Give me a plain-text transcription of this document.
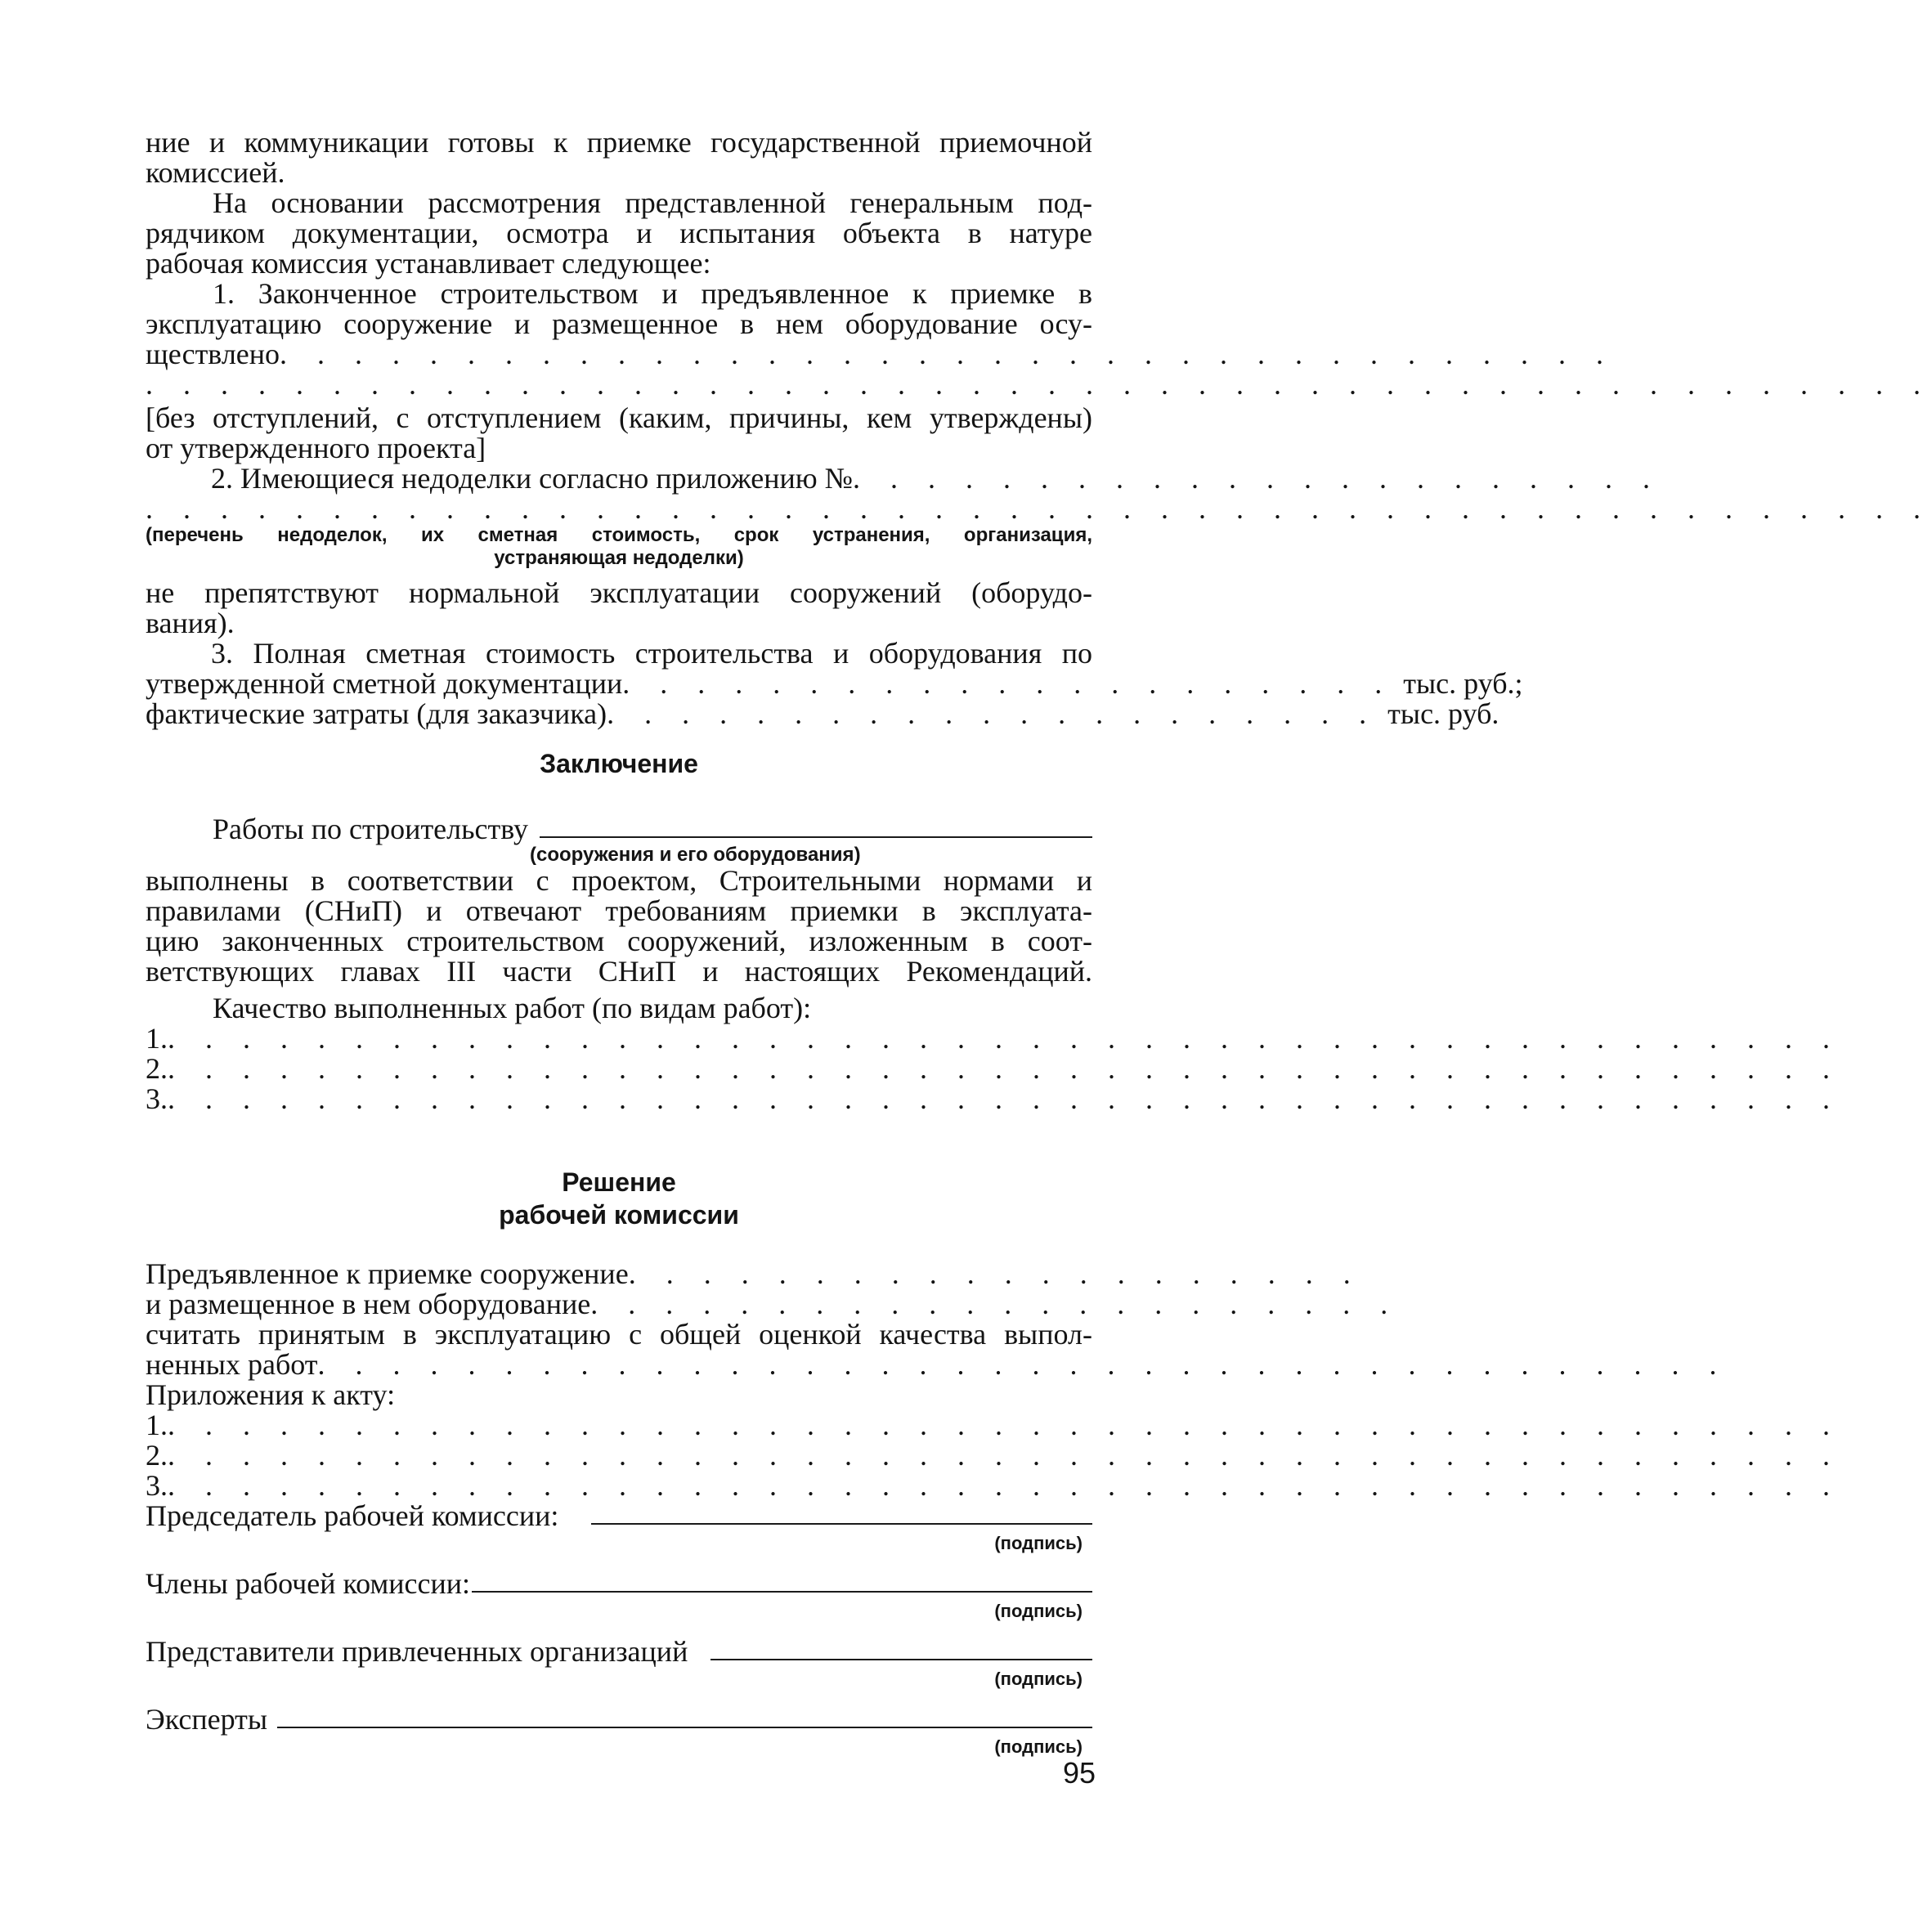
ние и коммуникации готовы к приемке государственной приемочной
комиссией.
На основании рассмотрения представленной генеральным под-
рядчиком документации, осмотра и испытания объекта в натуре
рабочая комиссия устанавливает следующее:
1. Законченное строительством и предъявленное к приемке в
эксплуатацию сооружение и размещенное в нем оборудование осу-
ществлено . . . . . . . . . . . . . . . . . . . . . . . . . . . . . . . . . . . .
. . . . . . . . . . . . . . . . . . . . . . . . . . . . . . . . . . . . . . . . . . . . . . . .
[без отступлений, с отступлением (каким, причины, кем утверждены)
от утвержденного проекта]
2. Имеющиеся недоделки согласно приложению № . . . . . . . . . . . . . . . . . . . . . .
. . . . . . . . . . . . . . . . . . . . . . . . . . . . . . . . . . . . . . . . . . . . . . . .
(перечень недоделок, их сметная стоимость, срок устранения, организация,
устраняющая недоделки)
не препятствуют нормальной эксплуатации сооружений (оборудо-
вания).
3. Полная сметная стоимость строительства и оборудования по
утвержденной сметной документации . . . . . . . . . . . . . . . . . . . . . тыс. руб.;
фактические затраты (для заказчика) . . . . . . . . . . . . . . . . . . . . . тыс. руб.
Заключение
Работы по строительству
(сооружения и его оборудования)
выполнены в соответствии с проектом, Строительными нормами и
правилами (СНиП) и отвечают требованиям приемки в эксплуата-
цию законченных строительством сооружений, изложенным в соот-
ветствующих главах III части СНиП и настоящих Рекомендаций.
Качество выполненных работ (по видам работ):
1. . . . . . . . . . . . . . . . . . . . . . . . . . . . . . . . . . . . . . . . . . . . . .
2. . . . . . . . . . . . . . . . . . . . . . . . . . . . . . . . . . . . . . . . . . . . . .
3. . . . . . . . . . . . . . . . . . . . . . . . . . . . . . . . . . . . . . . . . . . . . .
Решение
рабочей комиссии
Предъявленное к приемке сооружение . . . . . . . . . . . . . . . . . . . .
и размещенное в нем оборудование . . . . . . . . . . . . . . . . . . . . . .
считать принятым в эксплуатацию с общей оценкой качества выпол-
ненных работ . . . . . . . . . . . . . . . . . . . . . . . . . . . . . . . . . . . . . .
Приложения к акту:
1. . . . . . . . . . . . . . . . . . . . . . . . . . . . . . . . . . . . . . . . . . . . . .
2. . . . . . . . . . . . . . . . . . . . . . . . . . . . . . . . . . . . . . . . . . . . . .
3. . . . . . . . . . . . . . . . . . . . . . . . . . . . . . . . . . . . . . . . . . . . . .
Председатель рабочей комиссии:
(подпись)
Члены рабочей комиссии:
(подпись)
Представители привлеченных организаций
(подпись)
Эксперты
(подпись)
95
